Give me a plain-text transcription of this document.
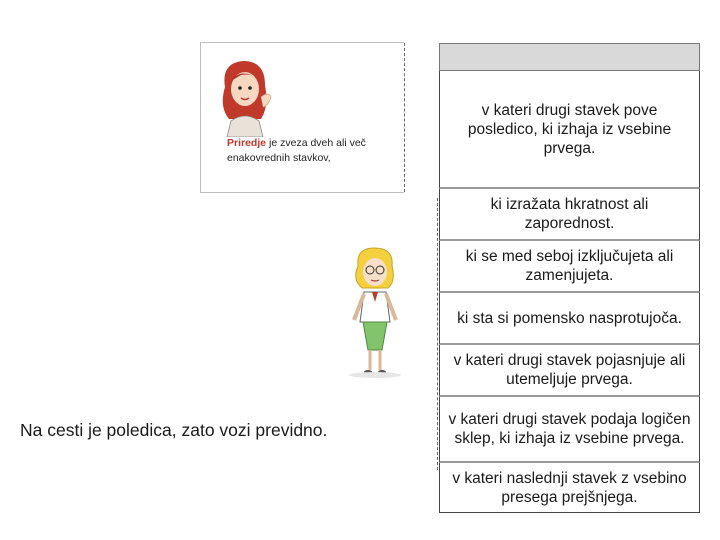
Priredje je zveza dveh ali več enakovrednih stavkov,
Na cesti je poledica, zato vozi previdno.
v kateri drugi stavek pove posledico, ki izhaja iz vsebine prvega.
ki izražata hkratnost ali zaporednost.
ki se med seboj izključujeta ali zamenjujeta.
ki sta si pomensko nasprotujoča.
v kateri drugi stavek pojasnjuje ali utemeljuje prvega.
v kateri drugi stavek podaja logičen sklep, ki izhaja iz vsebine prvega.
v kateri naslednji stavek z vsebino presega prejšnjega.
